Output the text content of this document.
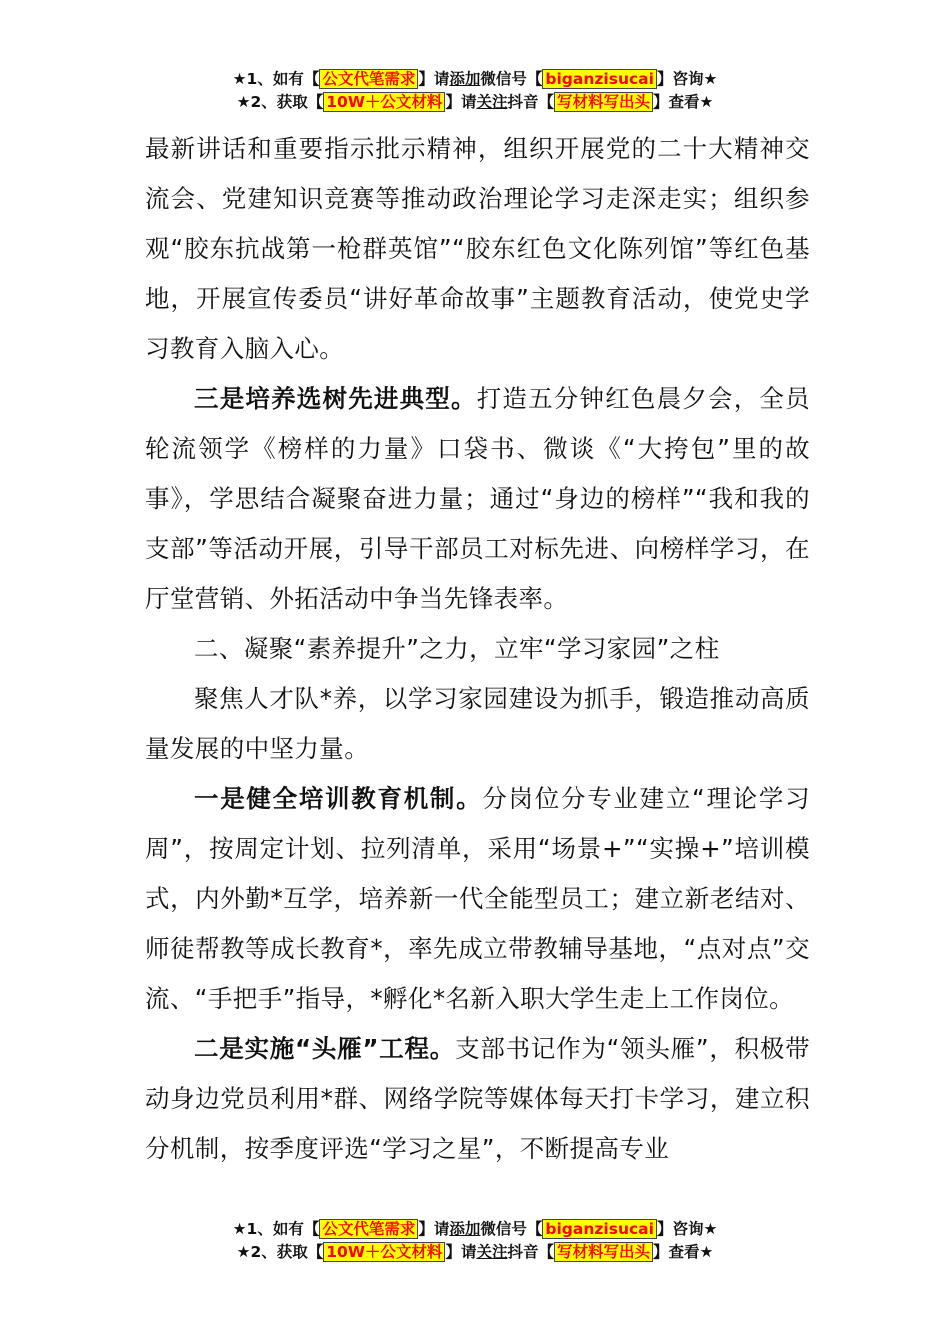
★1、如有【 公文代笔需求 】请添加微信号【 biganzisucai 】咨询★
★2、获取【 10W＋公文材料 】请关注抖音【 写材料写出头 】查看★

最新讲话和重要指示批示精神，组织开展党的二十大精神交流会、党建知识竞赛等推动政治理论学习走深走实；组织参观“胶东抗战第一枪群英馆”“胶东红色文化陈列馆”等红色基地，开展宣传委员“讲好革命故事”主题教育活动，使党史学习教育入脑入心。

三是培养选树先进典型。打造五分钟红色晨夕会，全员轮流领学《榜样的力量》口袋书、微谈《“大挎包”里的故事》，学思结合凝聚奋进力量；通过“身边的榜样”“我和我的支部”等活动开展，引导干部员工对标先进、向榜样学习，在厅堂营销、外拓活动中争当先锋表率。

二、凝聚“素养提升”之力，立牢“学习家园”之柱

聚焦人才队*养，以学习家园建设为抓手，锻造推动高质量发展的中坚力量。

一是健全培训教育机制。分岗位分专业建立“理论学习周”，按周定计划、拉列清单，采用“场景+”“实操+”培训模式，内外勤*互学，培养新一代全能型员工；建立新老结对、师徒帮教等成长教育*，率先成立带教辅导基地，“点对点”交流、“手把手”指导，*孵化*名新入职大学生走上工作岗位。

二是实施“头雁”工程。支部书记作为“领头雁”，积极带动身边党员利用*群、网络学院等媒体每天打卡学习，建立积分机制，按季度评选“学习之星”，不断提高专业

★1、如有【 公文代笔需求 】请添加微信号【 biganzisucai 】咨询★
★2、获取【 10W＋公文材料 】请关注抖音【 写材料写出头 】查看★
